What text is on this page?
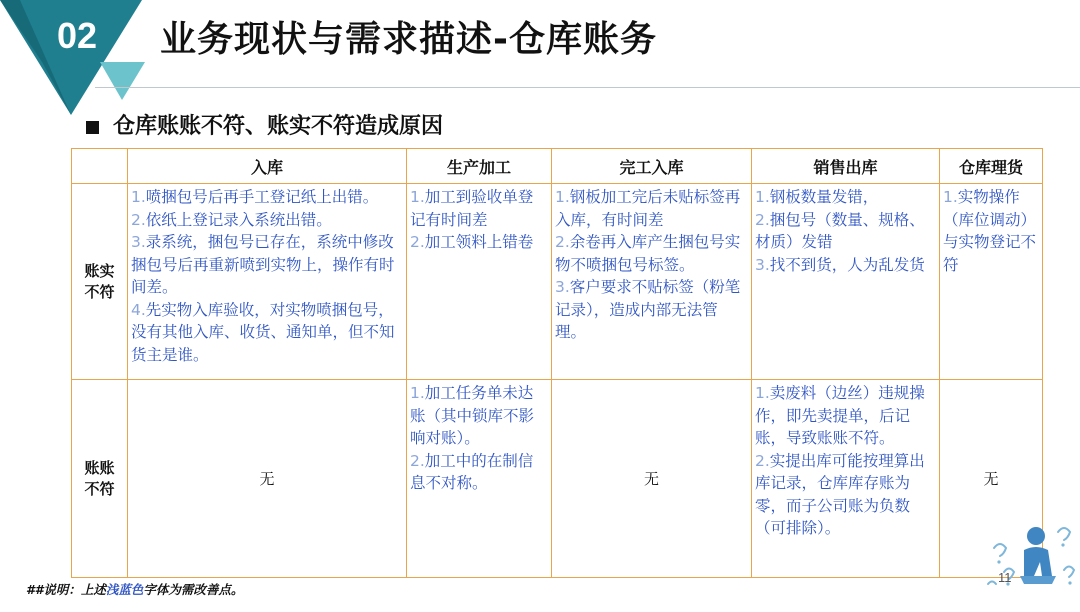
02	业务现状与需求描述-仓库账务
仓库账账不符、账实不符造成原因
	入库	生产加工	完工入库	销售出库	仓库理货
账实
不符	1.喷捆包号后再手工登记纸上出错。
2.依纸上登记录入系统出错。
3.录系统，捆包号已存在，系统中修改捆包号后再重新喷到实物上，操作有时间差。
4.先实物入库验收，对实物喷捆包号，没有其他入库、收货、通知单，但不知货主是谁。	1.加工到验收单登记有时间差
2.加工领料上错卷	1.钢板加工完后未贴标签再入库，有时间差
2.余卷再入库产生捆包号实物不喷捆包号标签。
3.客户要求不贴标签（粉笔记录），造成内部无法管理。	1.钢板数量发错，
2.捆包号（数量、规格、材质）发错
3.找不到货，人为乱发货	1.实物操作（库位调动）与实物登记不符

账账
不符	无	1.加工任务单未达账（其中锁库不影响对账）。
2.加工中的在制信息不对称。	无	1.卖废料（边丝）违规操作，即先卖提单，后记账，导致账账不符。
2.实提出库可能按理算出库记录，仓库库存账为零，而子公司账为负数（可排除）。	无
##说明：上述浅蓝色字体为需改善点。
11
